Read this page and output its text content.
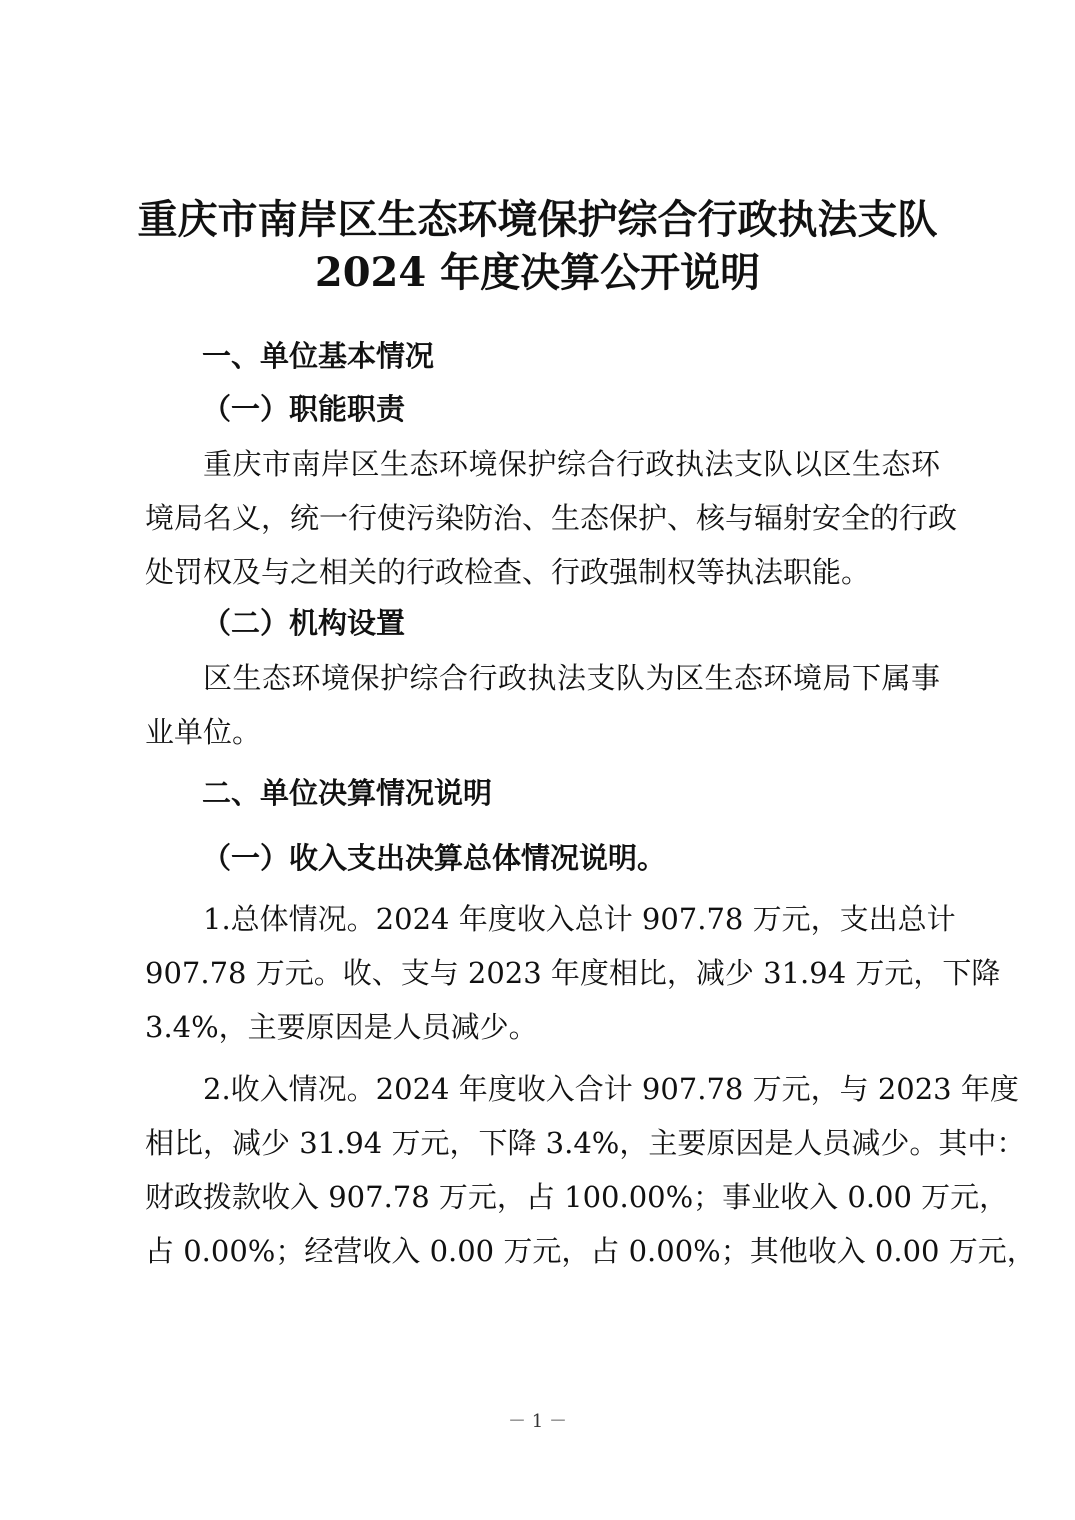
重庆市南岸区生态环境保护综合行政执法支队
2024 年度决算公开说明
一、单位基本情况
（一）职能职责
重庆市南岸区生态环境保护综合行政执法支队以区生态环
境局名义，统一行使污染防治、生态保护、核与辐射安全的行政
处罚权及与之相关的行政检查、行政强制权等执法职能。
（二）机构设置
区生态环境保护综合行政执法支队为区生态环境局下属事
业单位。
二、单位决算情况说明
（一）收入支出决算总体情况说明。
1.总体情况。2024 年度收入总计 907.78 万元，支出总计
907.78 万元。收、支与 2023 年度相比，减少 31.94 万元，下降
3.4%，主要原因是人员减少。
2.收入情况。2024 年度收入合计 907.78 万元，与 2023 年度
相比，减少 31.94 万元，下降 3.4%，主要原因是人员减少。其中：
财政拨款收入 907.78 万元，占 100.00%；事业收入 0.00 万元，
占 0.00%；经营收入 0.00 万元，占 0.00%；其他收入 0.00 万元，
－ 1 －
